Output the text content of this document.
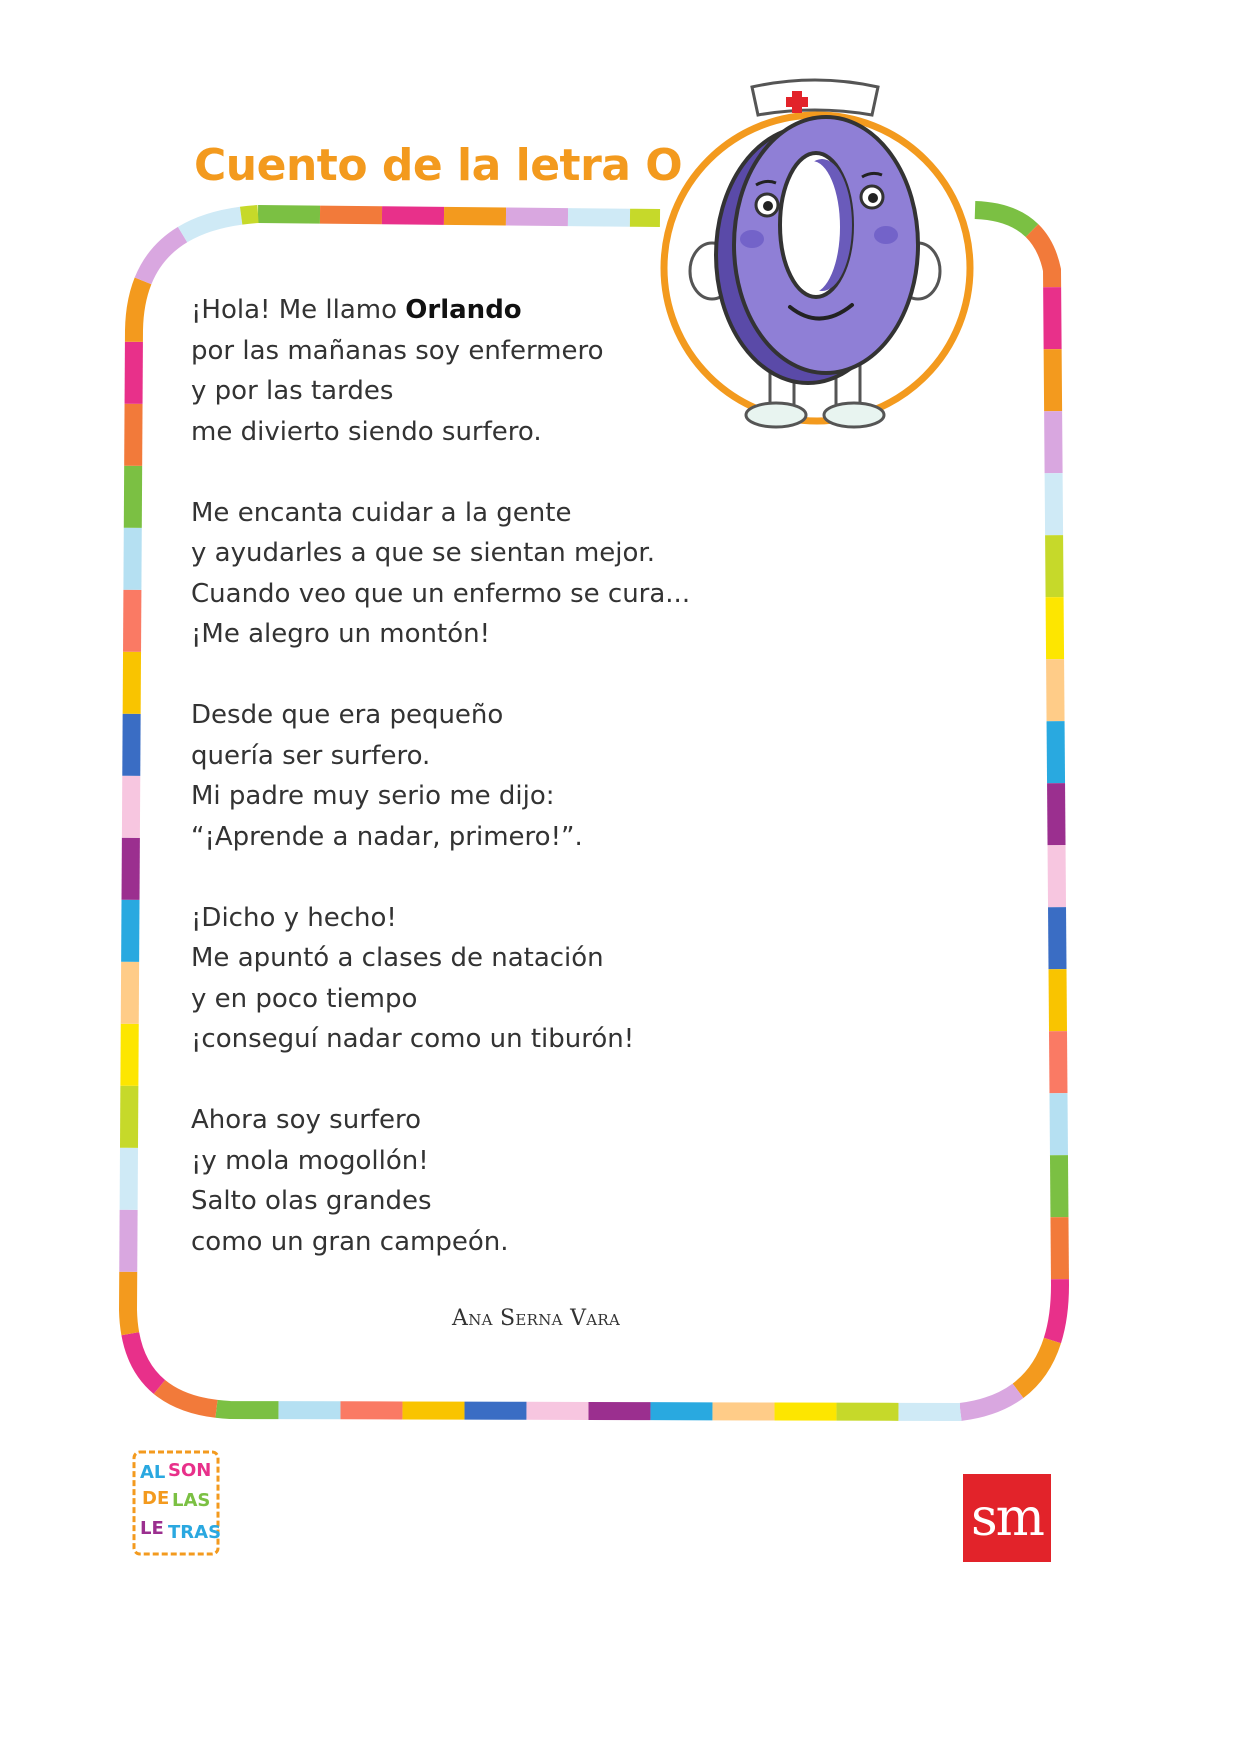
Cuento de la letra O

¡Hola! Me llamo Orlando
por las mañanas soy enfermero
y por las tardes
me divierto siendo surfero.

Me encanta cuidar a la gente
y ayudarles a que se sientan mejor.
Cuando veo que un enfermo se cura...
¡Me alegro un montón!

Desde que era pequeño
quería ser surfero.
Mi padre muy serio me dijo:
“¡Aprende a nadar, primero!”.

¡Dicho y hecho!
Me apuntó a clases de natación
y en poco tiempo
¡conseguí nadar como un tiburón!

Ahora soy surfero
¡y mola mogollón!
Salto olas grandes
como un gran campeón.

Ana Serna Vara
AL SON
DE LAS
LE TRAS	sm
